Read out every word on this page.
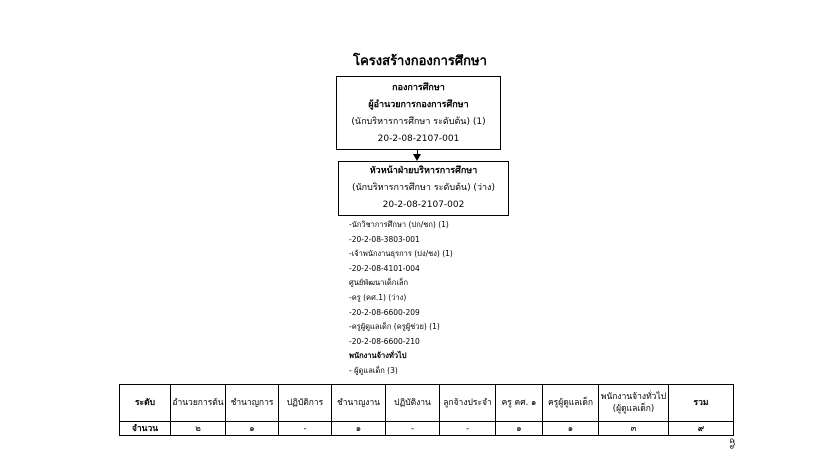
โครงสร้างกองการศึกษา
กองการศึกษา
ผู้อำนวยการกองการศึกษา
(นักบริหารการศึกษา ระดับต้น) (1)
20-2-08-2107-001
หัวหน้าฝ่ายบริหารการศึกษา
(นักบริหารการศึกษา ระดับต้น) (ว่าง)
20-2-08-2107-002
-นักวิชาการศึกษา (ปก/ชก) (1)
-20-2-08-3803-001
-เจ้าพนักงานธุรการ (ปง/ชง) (1)
-20-2-08-4101-004
ศูนย์พัฒนาเด็กเล็ก
-ครู (คศ.1) (ว่าง)
-20-2-08-6600-209
-ครูผู้ดูแลเด็ก (ครูผู้ช่วย) (1)
-20-2-08-6600-210
พนักงานจ้างทั่วไป
- ผู้ดูแลเด็ก (3)
ระดับ	อำนวยการต้น	ชำนาญการ	ปฏิบัติการ	ชำนาญงาน	ปฏิบัติงาน	ลูกจ้างประจำ	ครู คศ. ๑	ครูผู้ดูแลเด็ก	พนักงานจ้างทั่วไป (ผู้ดูแลเด็ก)	รวม
จำนวน	๒	๑	-	๑	-	-	๑	๑	๓	๙
๕๖
